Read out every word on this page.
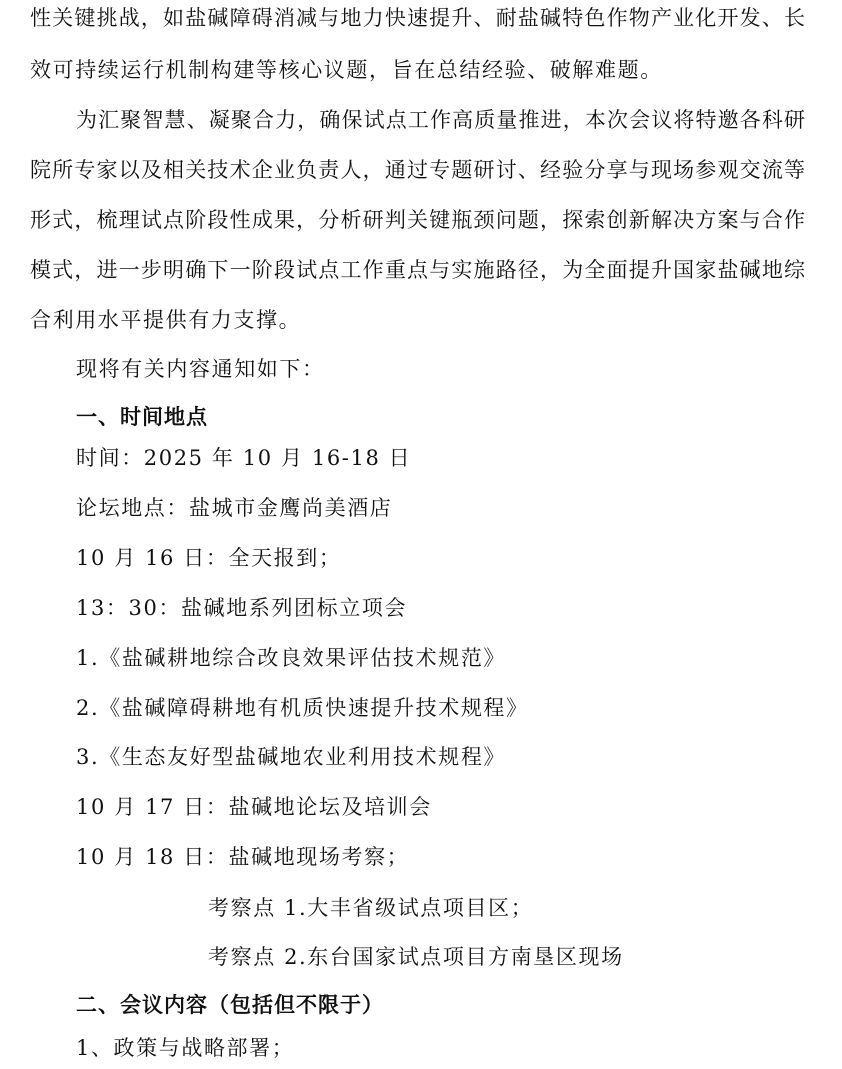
性关键挑战，如盐碱障碍消减与地力快速提升、耐盐碱特色作物产业化开发、长
效可持续运行机制构建等核心议题，旨在总结经验、破解难题。
为汇聚智慧、凝聚合力，确保试点工作高质量推进，本次会议将特邀各科研
院所专家以及相关技术企业负责人，通过专题研讨、经验分享与现场参观交流等
形式，梳理试点阶段性成果，分析研判关键瓶颈问题，探索创新解决方案与合作
模式，进一步明确下一阶段试点工作重点与实施路径，为全面提升国家盐碱地综
合利用水平提供有力支撑。
现将有关内容通知如下：
一、时间地点
时间：2025 年 10 月 16-18 日
论坛地点：盐城市金鹰尚美酒店
10 月 16 日：全天报到；
13：30：盐碱地系列团标立项会
1.《盐碱耕地综合改良效果评估技术规范》
2.《盐碱障碍耕地有机质快速提升技术规程》
3.《生态友好型盐碱地农业利用技术规程》
10 月 17 日：盐碱地论坛及培训会
10 月 18 日：盐碱地现场考察；
考察点 1.大丰省级试点项目区；
考察点 2.东台国家试点项目方南垦区现场
二、会议内容（包括但不限于）
1、政策与战略部署；
